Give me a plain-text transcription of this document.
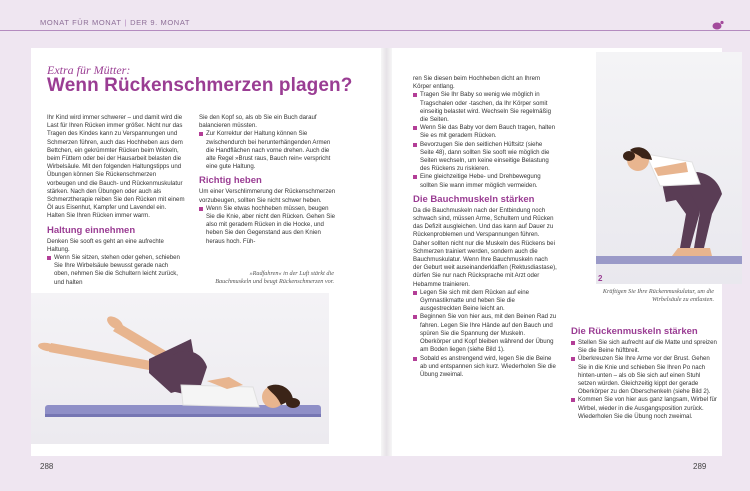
MONAT FÜR MONAT | DER 9. MONAT
Extra für Mütter:
Wenn Rückenschmerzen plagen?

Ihr Kind wird immer schwerer – und damit wird die Last für Ihren Rücken immer größer. Nicht nur das Tragen des Kindes kann zu Verspannungen und Schmerzen führen, auch das Hochheben aus dem Bettchen, ein gekrümmter Rücken beim Wickeln, beim Füttern oder bei der Hausarbeit belasten die Wirbelsäule. Mit den folgenden Haltungstipps und Übungen können Sie Rückenschmerzen vorbeugen und die Bauch- und Rückenmuskulatur stärken. Nach den Übungen oder auch als Schmerztherapie reiben Sie den Rücken mit einem Öl aus Eisenhut, Kampfer und Lavendel ein. Halten Sie Ihren Rücken immer warm.

Haltung einnehmen

Denken Sie sooft es geht an eine aufrechte Haltung.

Wenn Sie sitzen, stehen oder gehen, schieben Sie Ihre Wirbelsäule bewusst gerade nach oben, nehmen Sie die Schultern leicht zurück, und halten

Sie den Kopf so, als ob Sie ein Buch darauf balancieren müssten.

Zur Korrektur der Haltung können Sie zwischendurch bei herunterhängenden Armen die Handflächen nach vorne drehen. Auch die alte Regel »Brust raus, Bauch rein« verspricht eine gute Haltung.

Richtig heben

Um einer Verschlimmerung der Rückenschmerzen vorzubeugen, sollten Sie nicht schwer heben.

Wenn Sie etwas hochheben müssen, beugen Sie die Knie, aber nicht den Rücken. Gehen Sie also mit geradem Rücken in die Hocke, und heben Sie den Gegenstand aus den Knien heraus hoch. Füh-

»Radfahren« in der Luft stärkt die Bauchmuskeln und beugt Rückenschmerzen vor.

ren Sie diesen beim Hochheben dicht an Ihrem Körper entlang.

Tragen Sie Ihr Baby so wenig wie möglich in Tragschalen oder -taschen, da Ihr Körper somit einseitig belastet wird. Wechseln Sie regelmäßig die Seiten.

Wenn Sie das Baby vor dem Bauch tragen, halten Sie es mit geradem Rücken.

Bevorzugen Sie den seitlichen Hüftsitz (siehe Seite 48), dann sollten Sie sooft wie möglich die Seiten wechseln, um keine einseitige Belastung des Rückens zu riskieren.

Eine gleichzeitige Hebe- und Drehbewegung sollten Sie wann immer möglich vermeiden.

Die Bauchmuskeln stärken

Da die Bauchmuskeln nach der Entbindung noch schwach sind, müssen Arme, Schultern und Rücken das Defizit ausgleichen. Und das kann auf Dauer zu Rückenproblemen und Verspannungen führen. Daher sollten nicht nur die Muskeln des Rückens bei Schmerzen trainiert werden, sondern auch die Bauchmuskulatur. Wenn Ihre Bauchmuskeln nach der Geburt weit auseinanderklaffen (Rektusdiastase), dürfen Sie nur nach Rücksprache mit Arzt oder Hebamme trainieren.

Legen Sie sich mit dem Rücken auf eine Gymnastikmatte und heben Sie die ausgestreckten Beine leicht an.

Beginnen Sie von hier aus, mit den Beinen Rad zu fahren. Legen Sie Ihre Hände auf den Bauch und spüren Sie die Spannung der Muskeln. Oberkörper und Kopf bleiben während der Übung am Boden liegen (siehe Bild 1).

Sobald es anstrengend wird, legen Sie die Beine ab und entspannen sich kurz. Wiederholen Sie die Übung zweimal.

2
Kräftigen Sie Ihre Rückenmuskulatur, um die Wirbelsäule zu entlasten.
Die Rückenmuskeln stärken

Stellen Sie sich aufrecht auf die Matte und spreizen Sie die Beine hüftbreit.

Überkreuzen Sie Ihre Arme vor der Brust. Gehen Sie in die Knie und schieben Sie Ihren Po nach hinten-unten – als ob Sie sich auf einen Stuhl setzen würden. Gleichzeitig kippt der gerade Oberkörper zu den Oberschenkeln (siehe Bild 2).

Kommen Sie von hier aus ganz langsam, Wirbel für Wirbel, wieder in die Ausgangsposition zurück. Wiederholen Sie die Übung noch zweimal.

288	289
